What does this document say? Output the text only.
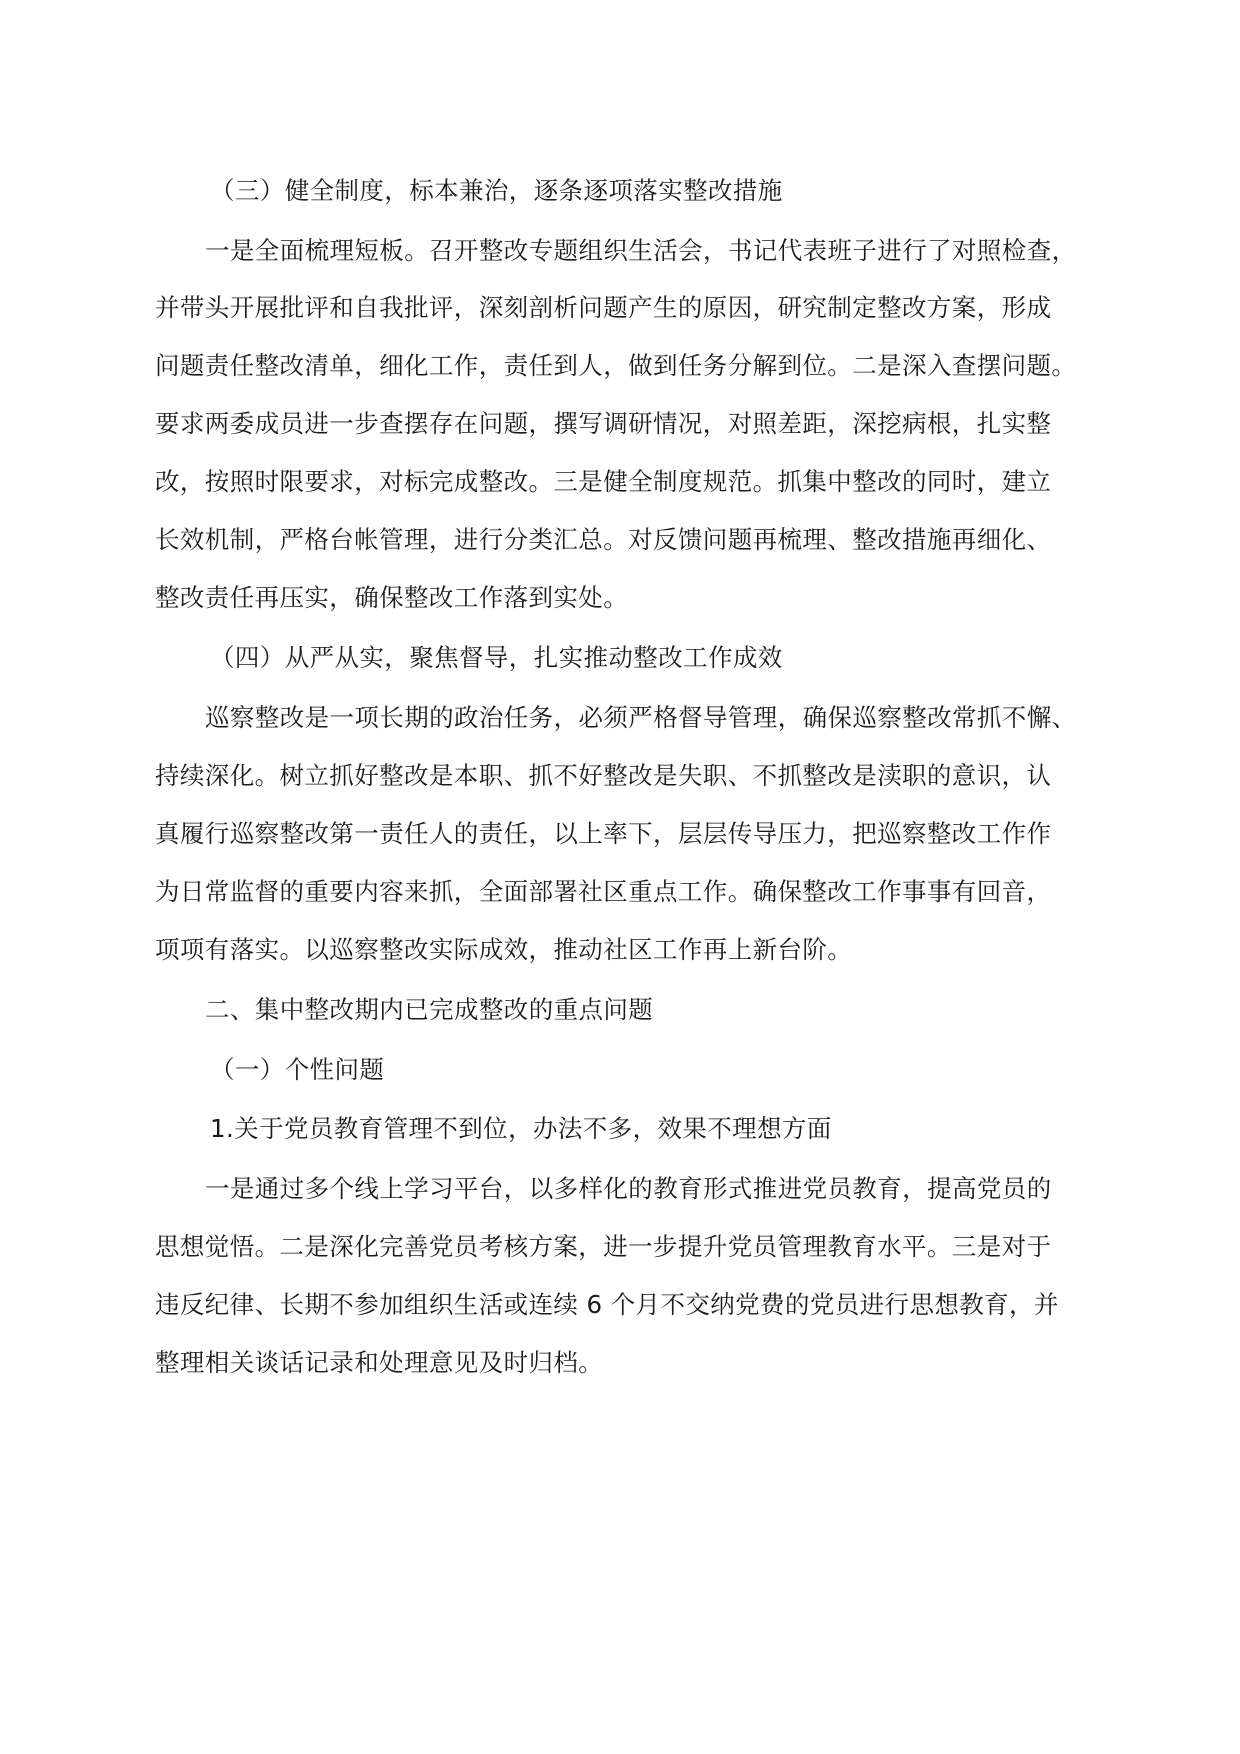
（三）健全制度，标本兼治，逐条逐项落实整改措施
一是全面梳理短板。召开整改专题组织生活会，书记代表班子进行了对照检查，
并带头开展批评和自我批评，深刻剖析问题产生的原因，研究制定整改方案，形成
问题责任整改清单，细化工作，责任到人，做到任务分解到位。二是深入查摆问题。
要求两委成员进一步查摆存在问题，撰写调研情况，对照差距，深挖病根，扎实整
改，按照时限要求，对标完成整改。三是健全制度规范。抓集中整改的同时，建立
长效机制，严格台帐管理，进行分类汇总。对反馈问题再梳理、整改措施再细化、
整改责任再压实，确保整改工作落到实处。
（四）从严从实，聚焦督导，扎实推动整改工作成效
巡察整改是一项长期的政治任务，必须严格督导管理，确保巡察整改常抓不懈、
持续深化。树立抓好整改是本职、抓不好整改是失职、不抓整改是渎职的意识，认
真履行巡察整改第一责任人的责任，以上率下，层层传导压力，把巡察整改工作作
为日常监督的重要内容来抓，全面部署社区重点工作。确保整改工作事事有回音，
项项有落实。以巡察整改实际成效，推动社区工作再上新台阶。
二、集中整改期内已完成整改的重点问题
（一）个性问题
1.关于党员教育管理不到位，办法不多，效果不理想方面
一是通过多个线上学习平台，以多样化的教育形式推进党员教育，提高党员的
思想觉悟。二是深化完善党员考核方案，进一步提升党员管理教育水平。三是对于
违反纪律、长期不参加组织生活或连续 6 个月不交纳党费的党员进行思想教育，并
整理相关谈话记录和处理意见及时归档。
